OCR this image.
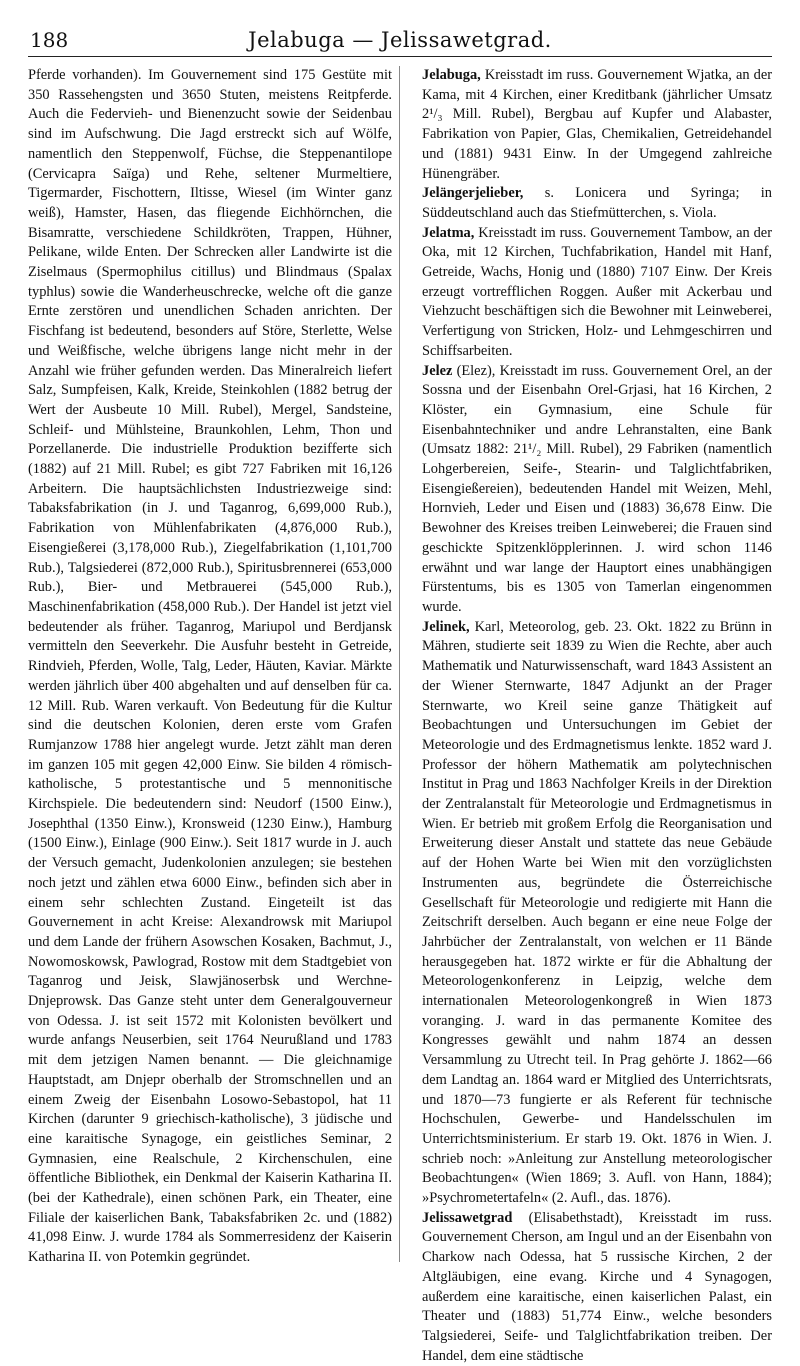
188	Jelabuga — Jelissawetgrad.

Pferde vorhanden). Im Gouvernement sind 175 Gestüte mit 350 Rassehengsten und 3650 Stuten, meistens Reitpferde. Auch die Federvieh- und Bienenzucht sowie der Seidenbau sind im Aufschwung. Die Jagd erstreckt sich auf Wölfe, namentlich den Steppenwolf, Füchse, die Steppenantilope (Cervicapra Saïga) und Rehe, seltener Murmeltiere, Tigermarder, Fischottern, Iltisse, Wiesel (im Winter ganz weiß), Hamster, Hasen, das fliegende Eichhörnchen, die Bisamratte, verschiedene Schildkröten, Trappen, Hühner, Pelikane, wilde Enten. Der Schrecken aller Landwirte ist die Ziselmaus (Spermophilus citillus) und Blindmaus (Spalax typhlus) sowie die Wanderheuschrecke, welche oft die ganze Ernte zerstören und unendlichen Schaden anrichten. Der Fischfang ist bedeutend, besonders auf Störe, Sterlette, Welse und Weißfische, welche übrigens lange nicht mehr in der Anzahl wie früher gefunden werden. Das Mineralreich liefert Salz, Sumpfeisen, Kalk, Kreide, Steinkohlen (1882 betrug der Wert der Ausbeute 10 Mill. Rubel), Mergel, Sandsteine, Schleif- und Mühlsteine, Braunkohlen, Lehm, Thon und Porzellanerde. Die industrielle Produktion bezifferte sich (1882) auf 21 Mill. Rubel; es gibt 727 Fabriken mit 16,126 Arbeitern. Die hauptsächlichsten Industriezweige sind: Tabaksfabrikation (in J. und Taganrog, 6,699,000 Rub.), Fabrikation von Mühlenfabrikaten (4,876,000 Rub.), Eisengießerei (3,178,000 Rub.), Ziegelfabrikation (1,101,700 Rub.), Talgsiederei (872,000 Rub.), Spiritusbrennerei (653,000 Rub.), Bier- und Metbrauerei (545,000 Rub.), Maschinenfabrikation (458,000 Rub.). Der Handel ist jetzt viel bedeutender als früher. Taganrog, Mariupol und Berdjansk vermitteln den Seeverkehr. Die Ausfuhr besteht in Getreide, Rindvieh, Pferden, Wolle, Talg, Leder, Häuten, Kaviar. Märkte werden jährlich über 400 abgehalten und auf denselben für ca. 12 Mill. Rub. Waren verkauft. Von Bedeutung für die Kultur sind die deutschen Kolonien, deren erste vom Grafen Rumjanzow 1788 hier angelegt wurde. Jetzt zählt man deren im ganzen 105 mit gegen 42,000 Einw. Sie bilden 4 römisch-katholische, 5 protestantische und 5 mennonitische Kirchspiele. Die bedeutendern sind: Neudorf (1500 Einw.), Josephthal (1350 Einw.), Kronsweid (1230 Einw.), Hamburg (1500 Einw.), Einlage (900 Einw.). Seit 1817 wurde in J. auch der Versuch gemacht, Judenkolonien anzulegen; sie bestehen noch jetzt und zählen etwa 6000 Einw., befinden sich aber in einem sehr schlechten Zustand. Eingeteilt ist das Gouvernement in acht Kreise: Alexandrowsk mit Mariupol und dem Lande der frühern Asowschen Kosaken, Bachmut, J., Nowomoskowsk, Pawlograd, Rostow mit dem Stadtgebiet von Taganrog und Jeisk, Slawjänoserbsk und Werchne-Dnjeprowsk. Das Ganze steht unter dem Generalgouverneur von Odessa. J. ist seit 1572 mit Kolonisten bevölkert und wurde anfangs Neuserbien, seit 1764 Neurußland und 1783 mit dem jetzigen Namen benannt. — Die gleichnamige Hauptstadt, am Dnjepr oberhalb der Stromschnellen und an einem Zweig der Eisenbahn Losowo-Sebastopol, hat 11 Kirchen (darunter 9 griechisch-katholische), 3 jüdische und eine karaitische Synagoge, ein geistliches Seminar, 2 Gymnasien, eine Realschule, 2 Kirchenschulen, eine öffentliche Bibliothek, ein Denkmal der Kaiserin Katharina II. (bei der Kathedrale), einen schönen Park, ein Theater, eine Filiale der kaiserlichen Bank, Tabaksfabriken 2c. und (1882) 41,098 Einw. J. wurde 1784 als Sommerresidenz der Kaiserin Katharina II. von Potemkin gegründet.

Jelabuga, Kreisstadt im russ. Gouvernement Wjatka, an der Kama, mit 4 Kirchen, einer Kreditbank (jährlicher Umsatz 2¹/₃ Mill. Rubel), Bergbau auf Kupfer und Alabaster, Fabrikation von Papier, Glas, Chemikalien, Getreidehandel und (1881) 9431 Einw. In der Umgegend zahlreiche Hünengräber.

Jelängerjelieber, s. Lonicera und Syringa; in Süddeutschland auch das Stiefmütterchen, s. Viola.

Jelatma, Kreisstadt im russ. Gouvernement Tambow, an der Oka, mit 12 Kirchen, Tuchfabrikation, Handel mit Hanf, Getreide, Wachs, Honig und (1880) 7107 Einw. Der Kreis erzeugt vortrefflichen Roggen. Außer mit Ackerbau und Viehzucht beschäftigen sich die Bewohner mit Leinweberei, Verfertigung von Stricken, Holz- und Lehmgeschirren und Schiffsarbeiten.

Jelez (Elez), Kreisstadt im russ. Gouvernement Orel, an der Sossna und der Eisenbahn Orel-Grjasi, hat 16 Kirchen, 2 Klöster, ein Gymnasium, eine Schule für Eisenbahntechniker und andre Lehranstalten, eine Bank (Umsatz 1882: 21¹/₂ Mill. Rubel), 29 Fabriken (namentlich Lohgerbereien, Seife-, Stearin- und Talglichtfabriken, Eisengießereien), bedeutenden Handel mit Weizen, Mehl, Hornvieh, Leder und Eisen und (1883) 36,678 Einw. Die Bewohner des Kreises treiben Leinweberei; die Frauen sind geschickte Spitzenklöpplerinnen. J. wird schon 1146 erwähnt und war lange der Hauptort eines unabhängigen Fürstentums, bis es 1305 von Tamerlan eingenommen wurde.

Jelinek, Karl, Meteorolog, geb. 23. Okt. 1822 zu Brünn in Mähren, studierte seit 1839 zu Wien die Rechte, aber auch Mathematik und Naturwissenschaft, ward 1843 Assistent an der Wiener Sternwarte, 1847 Adjunkt an der Prager Sternwarte, wo Kreil seine ganze Thätigkeit auf Beobachtungen und Untersuchungen im Gebiet der Meteorologie und des Erdmagnetismus lenkte. 1852 ward J. Professor der höhern Mathematik am polytechnischen Institut in Prag und 1863 Nachfolger Kreils in der Direktion der Zentralanstalt für Meteorologie und Erdmagnetismus in Wien. Er betrieb mit großem Erfolg die Reorganisation und Erweiterung dieser Anstalt und stattete das neue Gebäude auf der Hohen Warte bei Wien mit den vorzüglichsten Instrumenten aus, begründete die Österreichische Gesellschaft für Meteorologie und redigierte mit Hann die Zeitschrift derselben. Auch begann er eine neue Folge der Jahrbücher der Zentralanstalt, von welchen er 11 Bände herausgegeben hat. 1872 wirkte er für die Abhaltung der Meteorologenkonferenz in Leipzig, welche dem internationalen Meteorologenkongreß in Wien 1873 voranging. J. ward in das permanente Komitee des Kongresses gewählt und nahm 1874 an dessen Versammlung zu Utrecht teil. In Prag gehörte J. 1862—66 dem Landtag an. 1864 ward er Mitglied des Unterrichtsrats, und 1870—73 fungierte er als Referent für technische Hochschulen, Gewerbe- und Handelsschulen im Unterrichtsministerium. Er starb 19. Okt. 1876 in Wien. J. schrieb noch: »Anleitung zur Anstellung meteorologischer Beobachtungen« (Wien 1869; 3. Aufl. von Hann, 1884); »Psychrometertafeln« (2. Aufl., das. 1876).

Jelissawetgrad (Elisabethstadt), Kreisstadt im russ. Gouvernement Cherson, am Ingul und an der Eisenbahn von Charkow nach Odessa, hat 5 russische Kirchen, 2 der Altgläubigen, eine evang. Kirche und 4 Synagogen, außerdem eine karaitische, einen kaiserlichen Palast, ein Theater und (1883) 51,774 Einw., welche besonders Talgsiederei, Seife- und Talglichtfabrikation treiben. Der Handel, dem eine städtische
